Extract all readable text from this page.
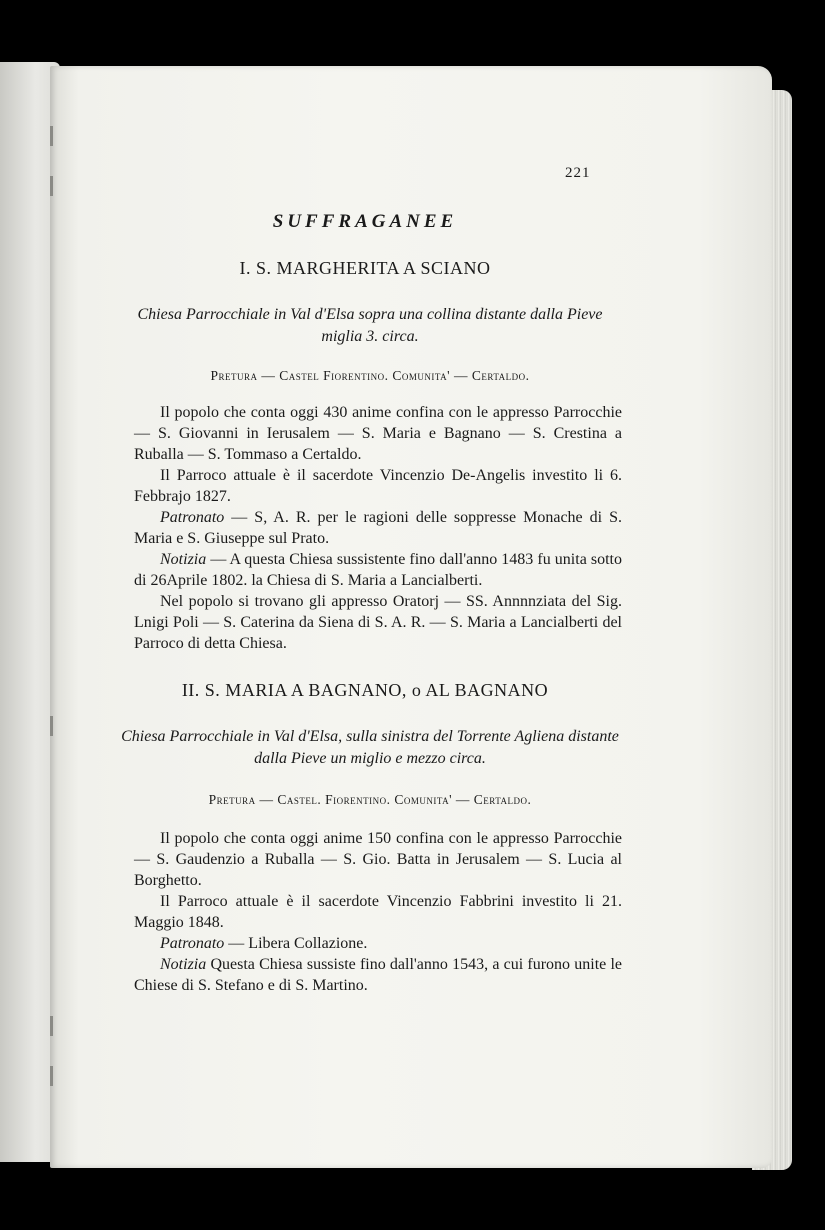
221
SUFFRAGANEE
I. S. MARGHERITA A SCIANO
Chiesa Parrocchiale in Val d'Elsa sopra una collina distante dalla Pieve miglia 3. circa.
Pretura — Castel Fiorentino. Comunita' — Certaldo.

Il popolo che conta oggi 430 anime confina con le appresso Parrocchie — S. Giovanni in Ierusalem — S. Maria e Bagnano — S. Crestina a Ruballa — S. Tommaso a Certaldo.

Il Parroco attuale è il sacerdote Vincenzio De-Angelis investito li 6. Febbrajo 1827.

Patronato — S, A. R. per le ragioni delle soppresse Monache di S. Maria e S. Giuseppe sul Prato.

Notizia — A questa Chiesa sussistente fino dall'anno 1483 fu unita sotto di 26Aprile 1802. la Chiesa di S. Maria a Lancialberti.

Nel popolo si trovano gli appresso Oratorj — SS. Annnnziata del Sig. Lnigi Poli — S. Caterina da Siena di S. A. R. — S. Maria a Lancialberti del Parroco di detta Chiesa.

II. S. MARIA A BAGNANO, o AL BAGNANO
Chiesa Parrocchiale in Val d'Elsa, sulla sinistra del Torrente Agliena distante dalla Pieve un miglio e mezzo circa.
Pretura — Castel. Fiorentino. Comunita' — Certaldo.

Il popolo che conta oggi anime 150 confina con le appresso Parrocchie — S. Gaudenzio a Ruballa — S. Gio. Batta in Jerusalem — S. Lucia al Borghetto.

Il Parroco attuale è il sacerdote Vincenzio Fabbrini investito li 21. Maggio 1848.

Patronato — Libera Collazione.

Notizia Questa Chiesa sussiste fino dall'anno 1543, a cui furono unite le Chiese di S. Stefano e di S. Martino.
